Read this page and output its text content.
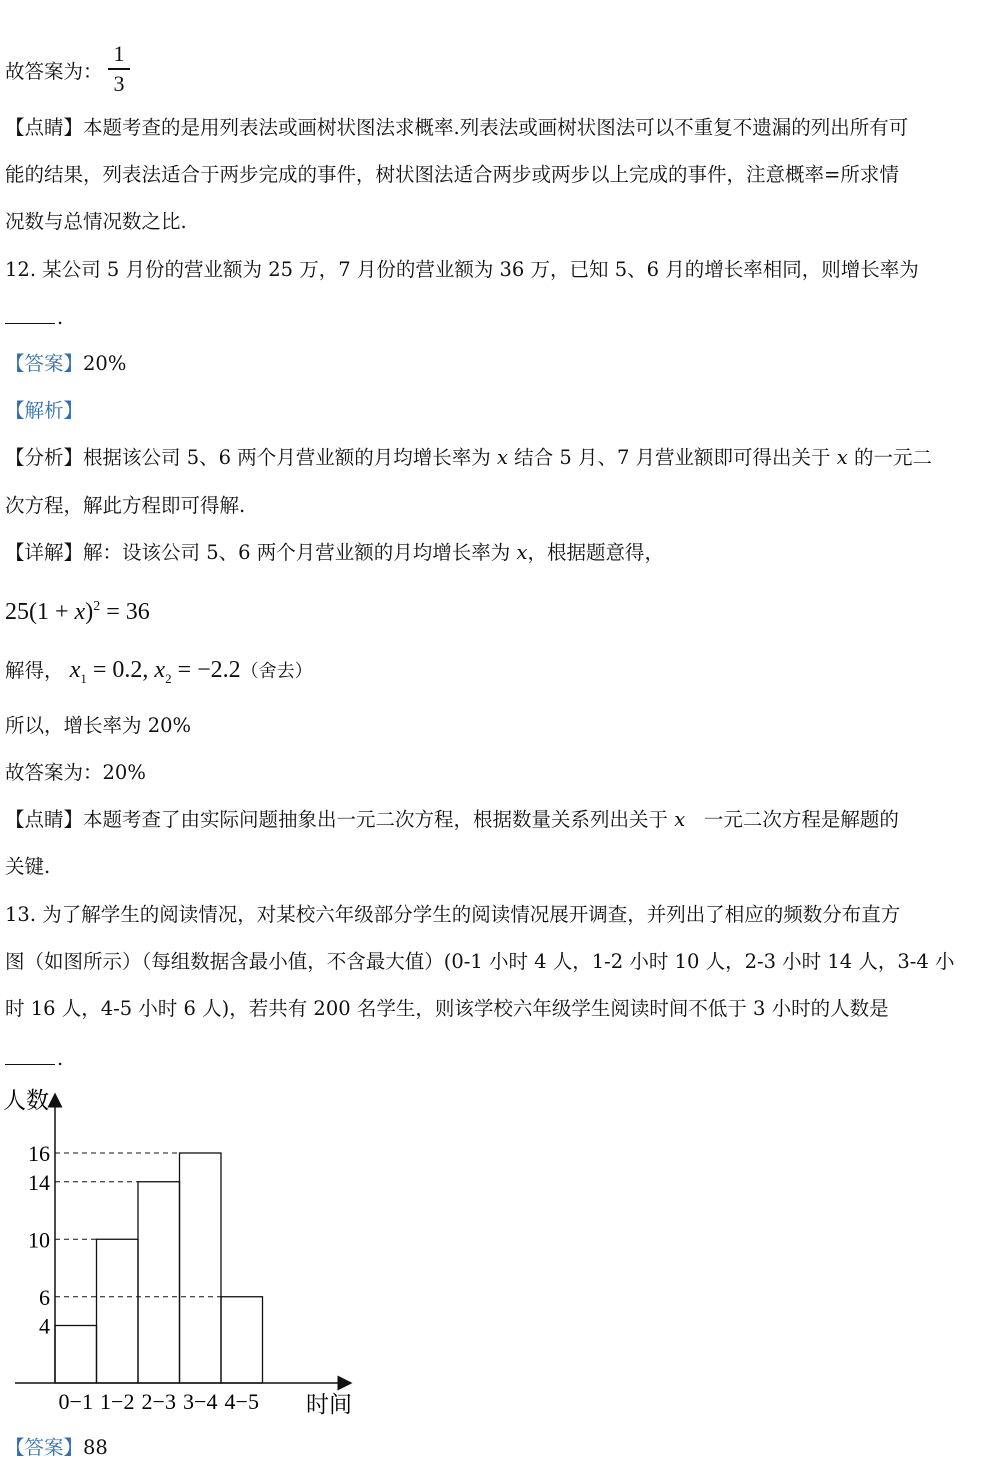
故答案为：
1
3
【点睛】本题考查的是用列表法或画树状图法求概率.列表法或画树状图法可以不重复不遗漏的列出所有可
能的结果，列表法适合于两步完成的事件，树状图法适合两步或两步以上完成的事件，注意概率=所求情
况数与总情况数之比.
12. 某公司 5 月份的营业额为 25 万，7 月份的营业额为 36 万，已知 5、6 月的增长率相同，则增长率为
.
【答案】20%
【解析】
【分析】根据该公司 5、6 两个月营业额的月均增长率为 x 结合 5 月、7 月营业额即可得出关于 x 的一元二
次方程，解此方程即可得解.
【详解】解：设该公司 5、6 两个月营业额的月均增长率为 x，根据题意得，
$25(1 + x)^2 = 36$
解得， $x_1 = 0.2$, $x_2 = -2.2$（舍去）
所以，增长率为 20%
故答案为：20%
【点睛】本题考查了由实际问题抽象出一元二次方程，根据数量关系列出关于 x 一元二次方程是解题的
关键.
13. 为了解学生的阅读情况，对某校六年级部分学生的阅读情况展开调查，并列出了相应的频数分布直方
图（如图所示）（每组数据含最小值，不含最大值）(0-1 小时 4 人，1-2 小时 10 人，2-3 小时 14 人，3-4 小
时 16 人，4-5 小时 6 人)，若共有 200 名学生，则该学校六年级学生阅读时间不低于 3 小时的人数是
.
人数
时间
4
6
10
14
16
0−1 1−2 2−3 3−4 4−5
【答案】88
